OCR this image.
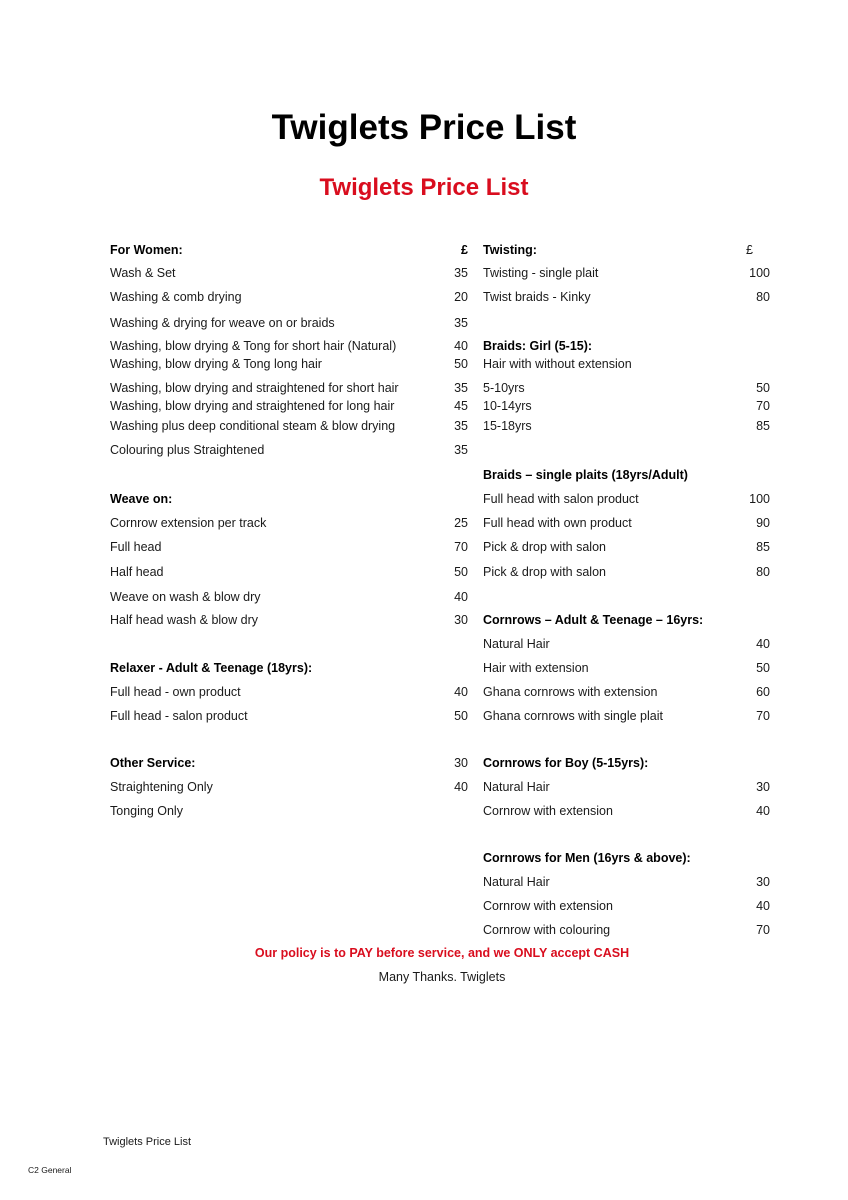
Twiglets Price List
Twiglets Price List
For Women:	£
Wash & Set	35
Washing & comb drying	20
Washing & drying for weave on or braids	35
Washing, blow drying & Tong for short hair (Natural)	40
Washing, blow drying & Tong long hair	50
Washing, blow drying and straightened for short hair	35
Washing, blow drying and straightened for long hair	45
Washing plus deep conditional steam & blow drying	35
Colouring plus Straightened	35
Weave on:
Cornrow extension per track	25
Full head	70
Half head	50
Weave on wash & blow dry	40
Half head wash & blow dry	30
Relaxer - Adult & Teenage (18yrs):
Full head - own product	40
Full head - salon product	50
Other Service:	30
Straightening Only	40
Tonging Only
Twisting:	£
Twisting - single plait	100
Twist braids - Kinky	80
Braids: Girl (5-15):
Hair with without extension
5-10yrs	50
10-14yrs	70
15-18yrs	85
Braids – single plaits (18yrs/Adult)
Full head with salon product	100
Full head with own product	90
Pick & drop with salon	85
Pick & drop with salon	80
Cornrows – Adult & Teenage – 16yrs:
Natural Hair	40
Hair with extension	50
Ghana cornrows with extension	60
Ghana cornrows with single plait	70
Cornrows for Boy (5-15yrs):
Natural Hair	30
Cornrow with extension	40
Cornrows for Men (16yrs & above):
Natural Hair	30
Cornrow with extension	40
Cornrow with colouring	70
Our policy is to PAY before service, and we ONLY accept CASH
Many Thanks. Twiglets
Twiglets Price List
C2 General
